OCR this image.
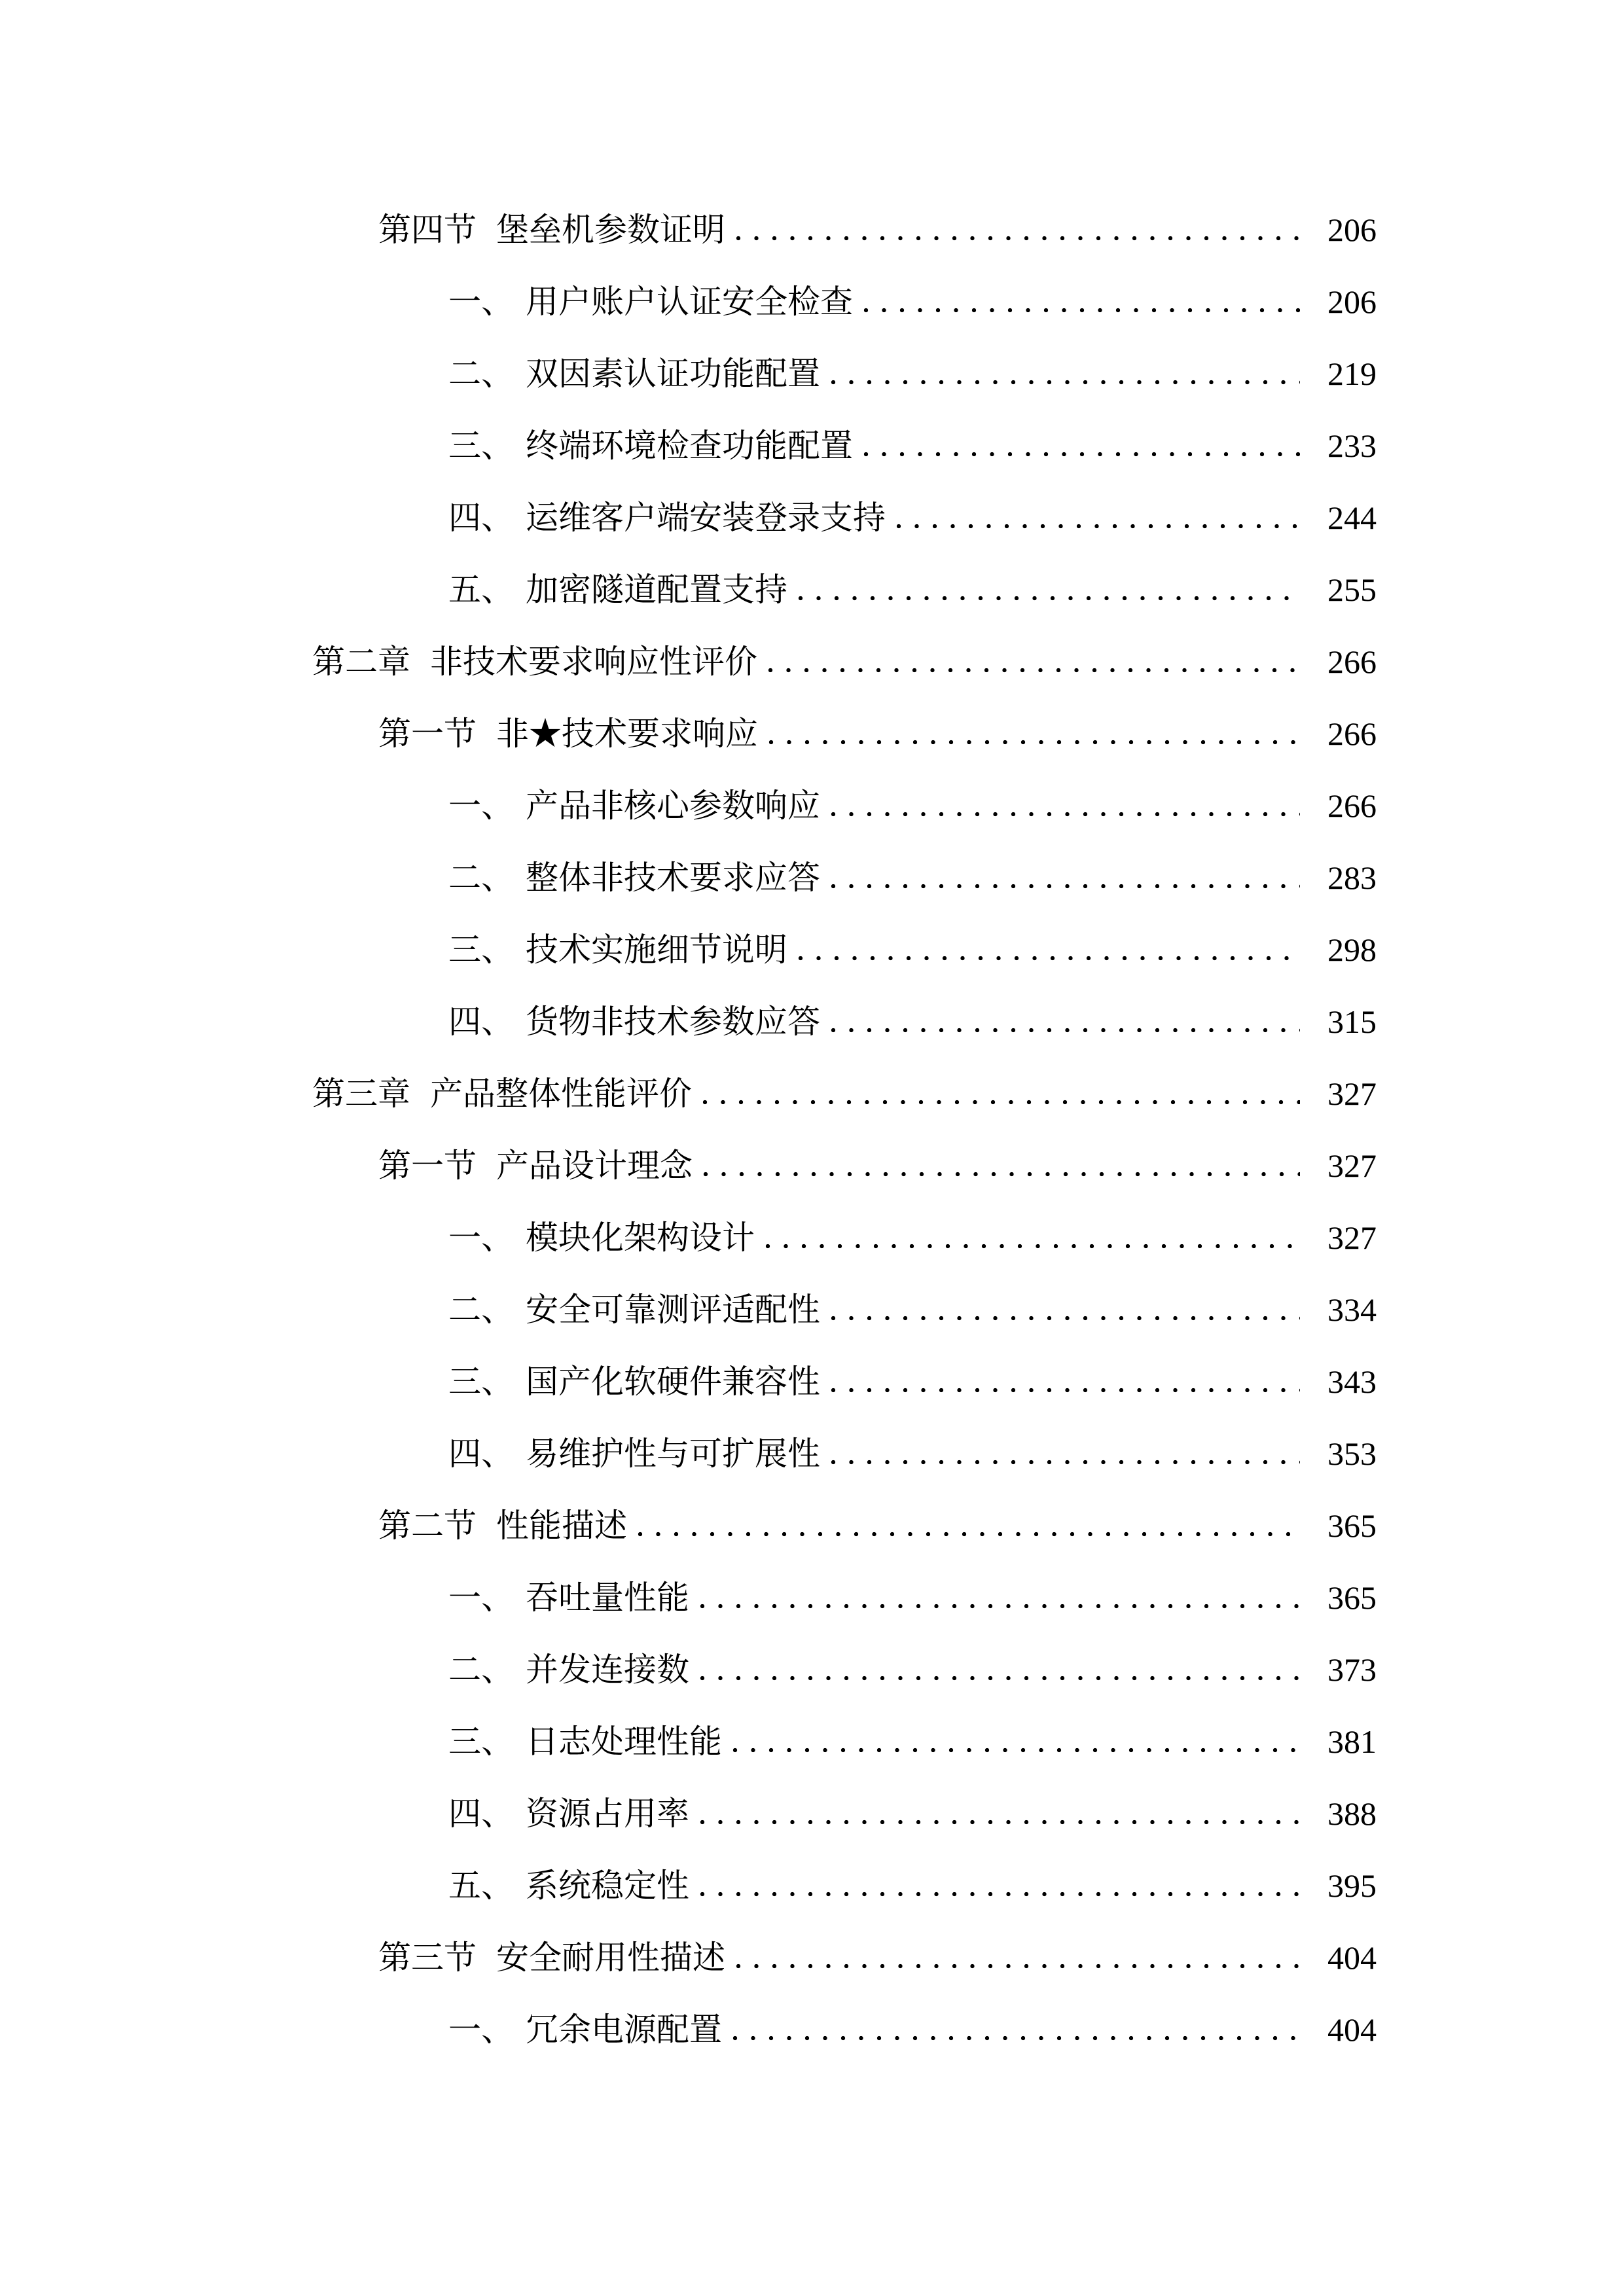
第四节 堡垒机参数证明	206
一、 用户账户认证安全检查	206
二、 双因素认证功能配置	219
三、 终端环境检查功能配置	233
四、 运维客户端安装登录支持	244
五、 加密隧道配置支持	255
第二章 非技术要求响应性评价	266
第一节 非★技术要求响应	266
一、 产品非核心参数响应	266
二、 整体非技术要求应答	283
三、 技术实施细节说明	298
四、 货物非技术参数应答	315
第三章 产品整体性能评价	327
第一节 产品设计理念	327
一、 模块化架构设计	327
二、 安全可靠测评适配性	334
三、 国产化软硬件兼容性	343
四、 易维护性与可扩展性	353
第二节 性能描述	365
一、 吞吐量性能	365
二、 并发连接数	373
三、 日志处理性能	381
四、 资源占用率	388
五、 系统稳定性	395
第三节 安全耐用性描述	404
一、 冗余电源配置	404
